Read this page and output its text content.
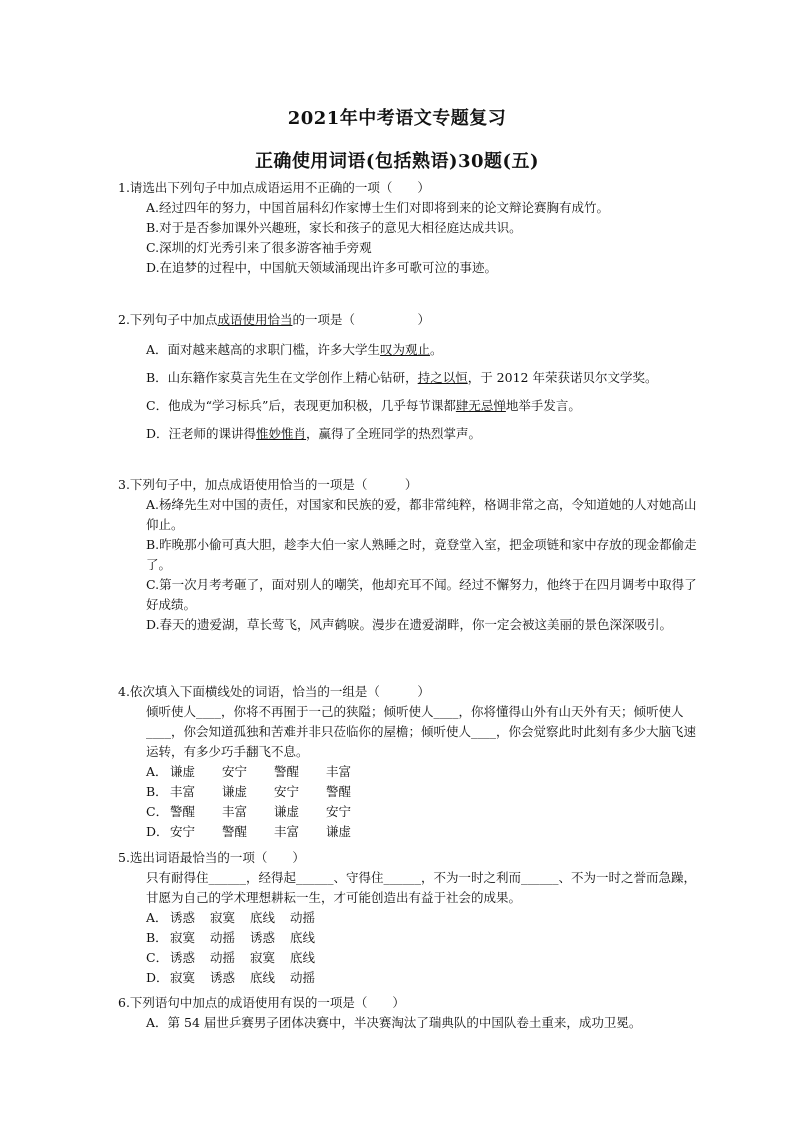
2021年中考语文专题复习
正确使用词语(包括熟语)30题(五)

1.请选出下列句子中加点成语运用不正确的一项（　　）

A.经过四年的努力，中国首届科幻作家博士生们对即将到来的论文辩论赛胸有成竹。

B.对于是否参加课外兴趣班，家长和孩子的意见大相径庭达成共识。

C.深圳的灯光秀引来了很多游客袖手旁观

D.在追梦的过程中，中国航天领域涌现出许多可歌可泣的事迹。

2.下列句子中加点成语使用恰当的一项是（　　　　　）

A．面对越来越高的求职门槛，许多大学生叹为观止。

B．山东籍作家莫言先生在文学创作上精心钻研，持之以恒，于 2012 年荣获诺贝尔文学奖。

C．他成为“学习标兵”后，表现更加积极，几乎每节课都肆无忌惮地举手发言。

D．汪老师的课讲得惟妙惟肖，赢得了全班同学的热烈掌声。

3.下列句子中，加点成语使用恰当的一项是（　　　）

A.杨绛先生对中国的责任，对国家和民族的爱，都非常纯粹，格调非常之高，令知道她的人对她高山仰止。

B.昨晚那小偷可真大胆，趁李大伯一家人熟睡之时，竟登堂入室，把金项链和家中存放的现金都偷走了。

C.第一次月考考砸了，面对别人的嘲笑，他却充耳不闻。经过不懈努力，他终于在四月调考中取得了好成绩。

D.春天的遗爱湖，草长莺飞，风声鹤唳。漫步在遗爱湖畔，你一定会被这美丽的景色深深吸引。

4.依次填入下面横线处的词语，恰当的一组是（　　　）

倾听使人____，你将不再囿于一己的狭隘；倾听使人____，你将懂得山外有山天外有天；倾听使人____，你会知道孤独和苦难并非只莅临你的屋檐；倾听使人____，你会觉察此时此刻有多少大脑飞速运转，有多少巧手翻飞不息。

A． 谦虚 安宁 警醒 丰富
B． 丰富 谦虚 安宁 警醒
C． 警醒 丰富 谦虚 安宁
D．安宁 警醒 丰富 谦虚

5.选出词语最恰当的一项（　　）

只有耐得住______，经得起______、守得住______，不为一时之利而______、不为一时之誉而急躁，甘愿为自己的学术理想耕耘一生，才可能创造出有益于社会的成果。

A． 诱惑 寂寞 底线 动摇
B． 寂寞 动摇 诱惑 底线
C． 诱惑 动摇 寂寞 底线
D．寂寞 诱惑 底线 动摇

6.下列语句中加点的成语使用有误的一项是（　　）

A．第 54 届世乒赛男子团体决赛中，半决赛淘汰了瑞典队的中国队卷土重来，成功卫冕。
